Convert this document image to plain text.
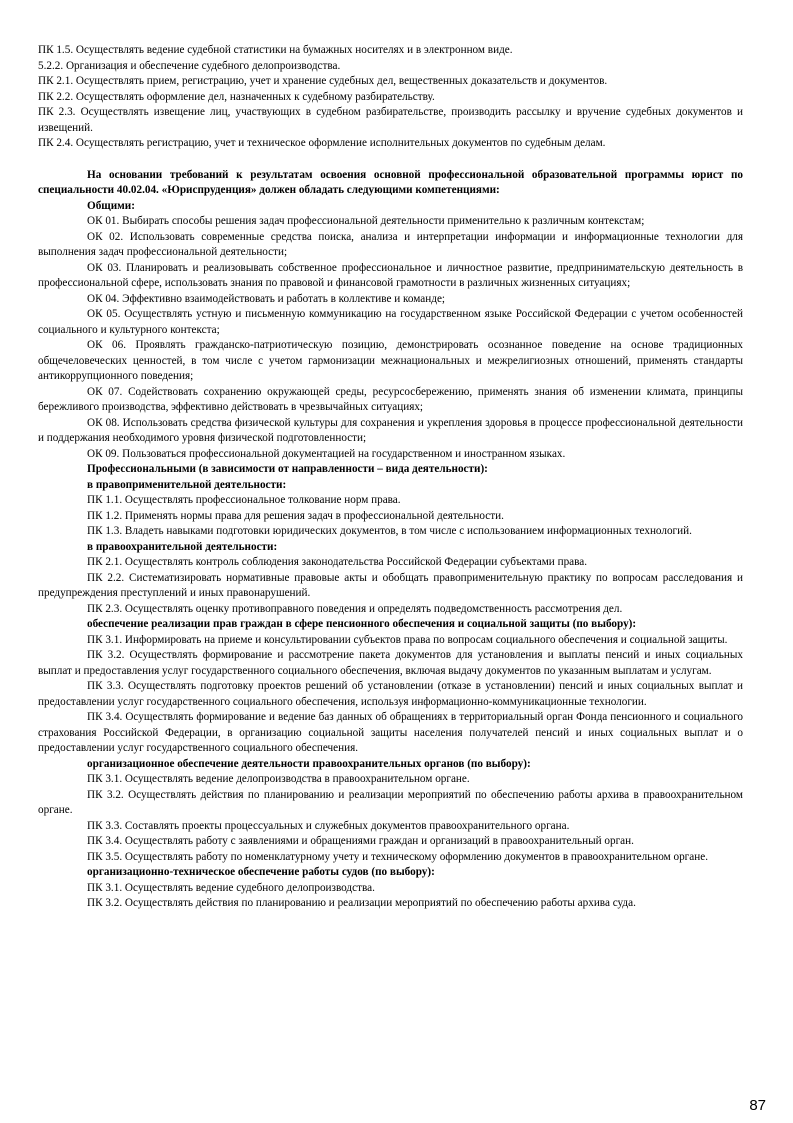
ПК 1.5. Осуществлять ведение судебной статистики на бумажных носителях и в электронном виде.

5.2.2. Организация и обеспечение судебного делопроизводства.

ПК 2.1. Осуществлять прием, регистрацию, учет и хранение судебных дел, вещественных доказательств и документов.

ПК 2.2. Осуществлять оформление дел, назначенных к судебному разбирательству.

ПК 2.3. Осуществлять извещение лиц, участвующих в судебном разбирательстве, производить рассылку и вручение судебных документов и извещений.

ПК 2.4. Осуществлять регистрацию, учет и техническое оформление исполнительных документов по судебным делам.

На основании требований к результатам освоения основной профессиональной образовательной программы юрист по специальности 40.02.04. «Юриспруденция» должен обладать следующими компетенциями:

Общими:

ОК 01. Выбирать способы решения задач профессиональной деятельности применительно к различным контекстам;

ОК 02. Использовать современные средства поиска, анализа и интерпретации информации и информационные технологии для выполнения задач профессиональной деятельности;

ОК 03. Планировать и реализовывать собственное профессиональное и личностное развитие, предпринимательскую деятельность в профессиональной сфере, использовать знания по правовой и финансовой грамотности в различных жизненных ситуациях;

ОК 04. Эффективно взаимодействовать и работать в коллективе и команде;

ОК 05. Осуществлять устную и письменную коммуникацию на государственном языке Российской Федерации с учетом особенностей социального и культурного контекста;

ОК 06. Проявлять гражданско-патриотическую позицию, демонстрировать осознанное поведение на основе традиционных общечеловеческих ценностей, в том числе с учетом гармонизации межнациональных и межрелигиозных отношений, применять стандарты антикоррупционного поведения;

ОК 07. Содействовать сохранению окружающей среды, ресурсосбережению, применять знания об изменении климата, принципы бережливого производства, эффективно действовать в чрезвычайных ситуациях;

ОК 08. Использовать средства физической культуры для сохранения и укрепления здоровья в процессе профессиональной деятельности и поддержания необходимого уровня физической подготовленности;

ОК 09. Пользоваться профессиональной документацией на государственном и иностранном языках.

Профессиональными (в зависимости от направленности – вида деятельности):

в правоприменительной деятельности:

ПК 1.1. Осуществлять профессиональное толкование норм права.

ПК 1.2. Применять нормы права для решения задач в профессиональной деятельности.

ПК 1.3. Владеть навыками подготовки юридических документов, в том числе с использованием информационных технологий.

в правоохранительной деятельности:

ПК 2.1. Осуществлять контроль соблюдения законодательства Российской Федерации субъектами права.

ПК 2.2. Систематизировать нормативные правовые акты и обобщать правоприменительную практику по вопросам расследования и предупреждения преступлений и иных правонарушений.

ПК 2.3. Осуществлять оценку противоправного поведения и определять подведомственность рассмотрения дел.

обеспечение реализации прав граждан в сфере пенсионного обеспечения и социальной защиты (по выбору):

ПК 3.1. Информировать на приеме и консультировании субъектов права по вопросам социального обеспечения и социальной защиты.

ПК 3.2. Осуществлять формирование и рассмотрение пакета документов для установления и выплаты пенсий и иных социальных выплат и предоставления услуг государственного социального обеспечения, включая выдачу документов по указанным выплатам и услугам.

ПК 3.3. Осуществлять подготовку проектов решений об установлении (отказе в установлении) пенсий и иных социальных выплат и предоставлении услуг государственного социального обеспечения, используя информационно-коммуникационные технологии.

ПК 3.4. Осуществлять формирование и ведение баз данных об обращениях в территориальный орган Фонда пенсионного и социального страхования Российской Федерации, в организацию социальной защиты населения получателей пенсий и иных социальных выплат и о предоставлении услуг государственного социального обеспечения.

организационное обеспечение деятельности правоохранительных органов (по выбору):

ПК 3.1. Осуществлять ведение делопроизводства в правоохранительном органе.

ПК 3.2. Осуществлять действия по планированию и реализации мероприятий по обеспечению работы архива в правоохранительном органе.

ПК 3.3. Составлять проекты процессуальных и служебных документов правоохранительного органа.

ПК 3.4. Осуществлять работу с заявлениями и обращениями граждан и организаций в правоохранительный орган.

ПК 3.5. Осуществлять работу по номенклатурному учету и техническому оформлению документов в правоохранительном органе.

организационно-техническое обеспечение работы судов (по выбору):

ПК 3.1. Осуществлять ведение судебного делопроизводства.

ПК 3.2. Осуществлять действия по планированию и реализации мероприятий по обеспечению работы архива суда.

87
